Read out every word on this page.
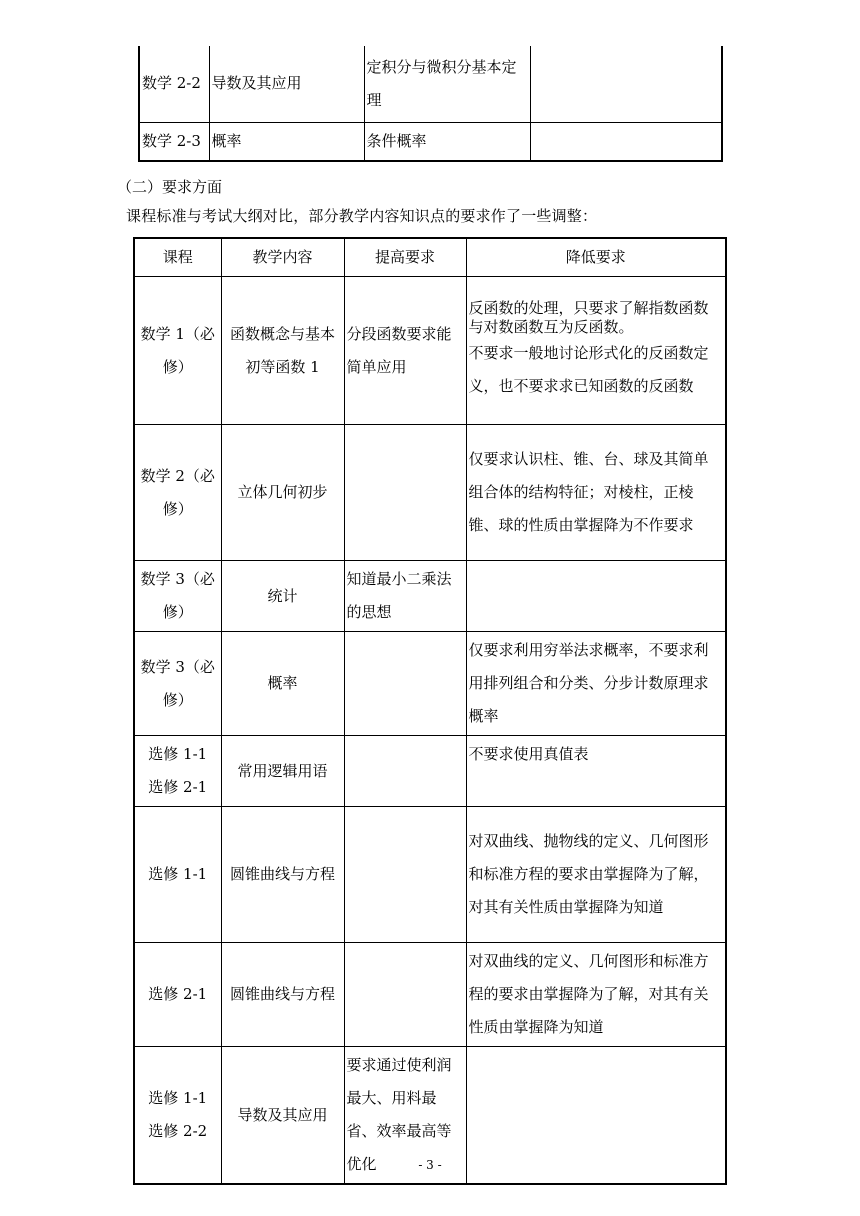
数学 2-2	导数及其应用	定积分与微积分基本定理	
数学 2-3	概率	条件概率	
（二）要求方面
课程标准与考试大纲对比，部分教学内容知识点的要求作了一些调整：
课程	教学内容	提高要求	降低要求
数学 1（必修）	函数概念与基本初等函数 1	分段函数要求能简单应用	反函数的处理，只要求了解指数函数与对数函数互为反函数。
不要求一般地讨论形式化的反函数定义，也不要求求已知函数的反函数

数学 2（必修）	立体几何初步		仅要求认识柱、锥、台、球及其简单组合体的结构特征；对棱柱，正棱锥、球的性质由掌握降为不作要求
数学 3（必修）	统计	知道最小二乘法的思想	
数学 3（必修）	概率		仅要求利用穷举法求概率，不要求利用排列组合和分类、分步计数原理求概率

选修 1-1
选修 2-1	常用逻辑用语		不要求使用真值表
选修 1-1	圆锥曲线与方程		对双曲线、抛物线的定义、几何图形和标准方程的要求由掌握降为了解，对其有关性质由掌握降为知道
选修 2-1	圆锥曲线与方程		对双曲线的定义、几何图形和标准方程的要求由掌握降为了解，对其有关性质由掌握降为知道

选修 1-1
选修 2-2	导数及其应用	要求通过使利润最大、用料最省、效率最高等优化		- 3 -
